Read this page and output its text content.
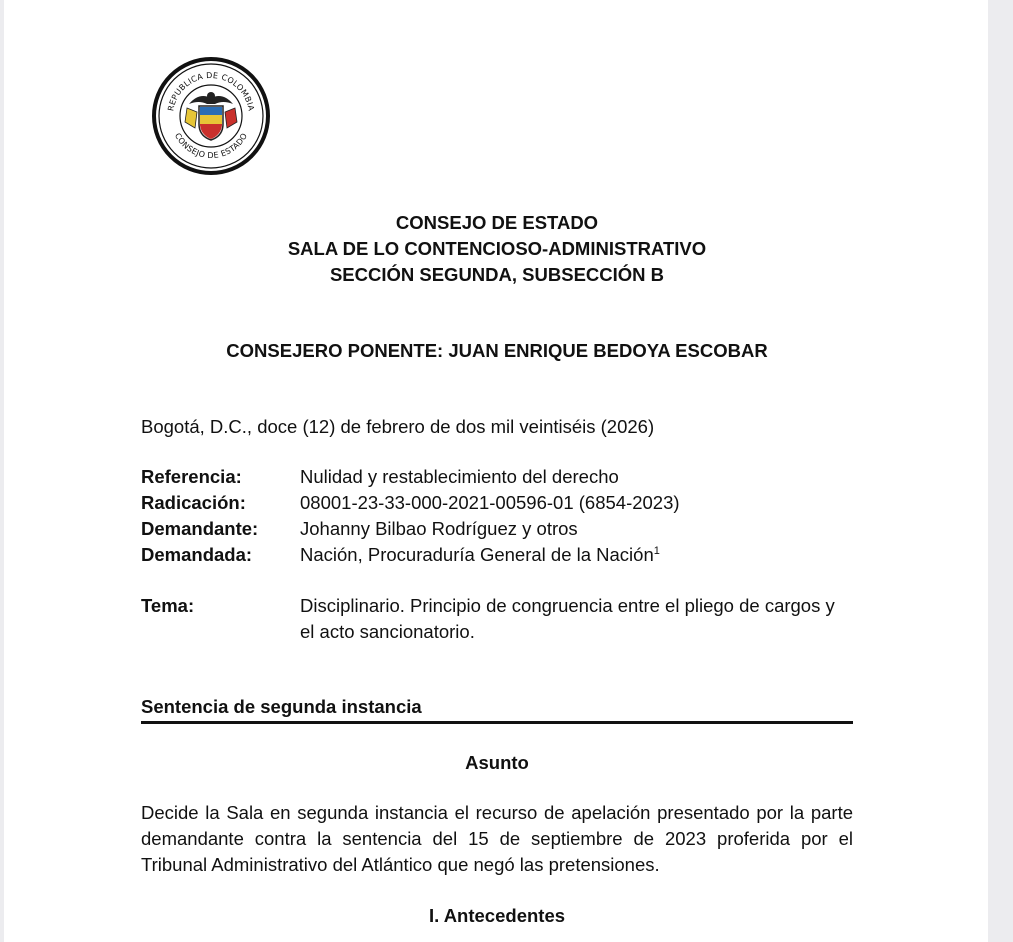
REPUBLICA DE COLOMBIA
CONSEJO DE ESTADO
CONSEJO DE ESTADO
SALA DE LO CONTENCIOSO-ADMINISTRATIVO
SECCIÓN SEGUNDA, SUBSECCIÓN B
CONSEJERO PONENTE: JUAN ENRIQUE BEDOYA ESCOBAR
Bogotá, D.C., doce (12) de febrero de dos mil veintiséis (2026)
Referencia:	Nulidad y restablecimiento del derecho
Radicación:	08001-23-33-000-2021-00596-01 (6854-2023)
Demandante:	Johanny Bilbao Rodríguez y otros
Demandada:	Nación, Procuraduría General de la Nación$^1$
Tema:	Disciplinario. Principio de congruencia entre el pliego de cargos y el acto sancionatorio.
Sentencia de segunda instancia
Asunto
Decide la Sala en segunda instancia el recurso de apelación presentado por la parte demandante contra la sentencia del 15 de septiembre de 2023 proferida por el Tribunal Administrativo del Atlántico que negó las pretensiones.
I. Antecedentes
